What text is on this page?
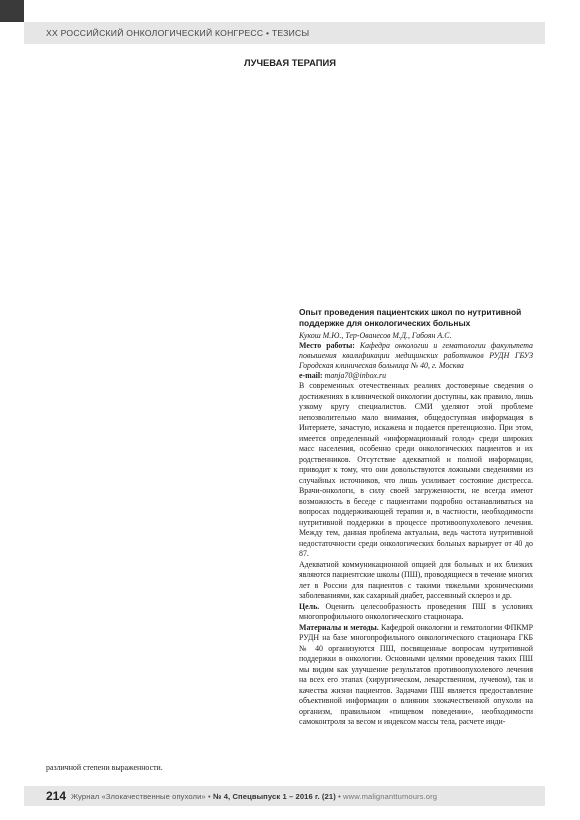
XX РОССИЙСКИЙ ОНКОЛОГИЧЕСКИЙ КОНГРЕСС • ТЕЗИСЫ
ЛУЧЕВАЯ ТЕРАПИЯ
Опыт проведения пациентских школ по нутритивной поддержке для онкологических больных
Кукош М.Ю., Тер-Ованесов М.Д., Габоян А.С.
Место работы: Кафедра онкологии и гематологии факультета повышения квалификации медицинских работников РУДН ГБУЗ Городская клиническая больница № 40, г. Москва
e-mail: manja70@inbox.ru

В современных отечественных реалиях достоверные сведения о достижениях в клинической онкологии доступны, как правило, лишь узкому кругу специалистов. СМИ уделяют этой проблеме непозволительно мало внимания, общедоступная информация в Интернете, зачастую, искажена и подается претенциозно. При этом, имеется определенный «информационный голод» среди широких масс населения, особенно среди онкологических пациентов и их родственников. Отсутствие адекватной и полной информации, приводит к тому, что они довольствуются ложными сведениями из случайных источников, что лишь усиливает состояние дистресса. Врачи-онкологи, в силу своей загруженности, не всегда имеют возможность в беседе с пациентами подробно останавливаться на вопросах поддерживающей терапии и, в частности, необходимости нутритивной поддержки в процессе противоопухолевого лечения. Между тем, данная проблема актуальна, ведь частота нутритивной недостаточности среди онкологических больных варьирует от 40 до 87.

Адекватной коммуникационной опцией для больных и их близких являются пациентские школы (ПШ), проводящиеся в течение многих лет в России для пациентов с такими тяжелыми хроническими заболеваниями, как сахарный диабет, рассеянный склероз и др.

Цель. Оценить целесообразность проведения ПШ в условиях многопрофильного онкологического стационара.

Материалы и методы. Кафедрой онкологии и гематологии ФПКМР РУДН на базе многопрофильного онкологического стационара ГКБ № 40 организуются ПШ, посвященные вопросам нутритивной поддержки в онкологии. Основными целями проведения таких ПШ мы видим как улучшение результатов противоопухолевого лечения на всех его этапах (хирургическом, лекарственном, лучевом), так и качества жизни пациентов. Задачами ПШ является предоставление объективной информации о влиянии злокачественной опухоли на организм, правильном «пищевом поведении», необходимости самоконтроля за весом и индексом массы тела, расчете инди-

различной степени выраженности.
214 Журнал «Злокачественные опухоли» • № 4, Спецвыпуск 1 – 2016 г. (21) • www.malignanttumours.org
